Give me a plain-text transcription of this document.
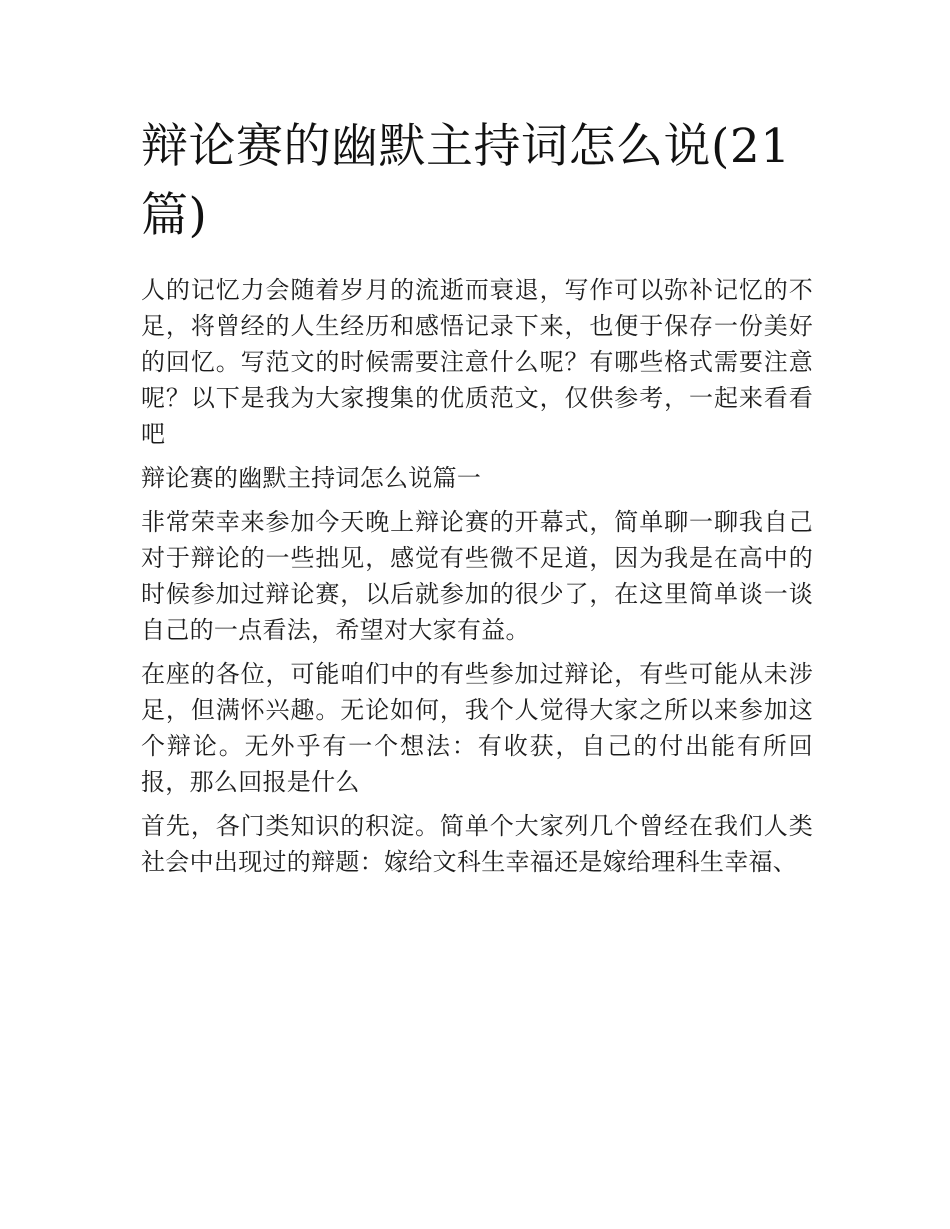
辩论赛的幽默主持词怎么说(21篇)

人的记忆力会随着岁月的流逝而衰退，写作可以弥补记忆的不足，将曾经的人生经历和感悟记录下来，也便于保存一份美好的回忆。写范文的时候需要注意什么呢？有哪些格式需要注意呢？以下是我为大家搜集的优质范文，仅供参考，一起来看看吧

辩论赛的幽默主持词怎么说篇一

非常荣幸来参加今天晚上辩论赛的开幕式，简单聊一聊我自己对于辩论的一些拙见，感觉有些微不足道，因为我是在高中的时候参加过辩论赛，以后就参加的很少了，在这里简单谈一谈自己的一点看法，希望对大家有益。

在座的各位，可能咱们中的有些参加过辩论，有些可能从未涉足，但满怀兴趣。无论如何，我个人觉得大家之所以来参加这个辩论。无外乎有一个想法：有收获，自己的付出能有所回报，那么回报是什么

首先，各门类知识的积淀。简单个大家列几个曾经在我们人类社会中出现过的辩题：嫁给文科生幸福还是嫁给理科生幸福、
